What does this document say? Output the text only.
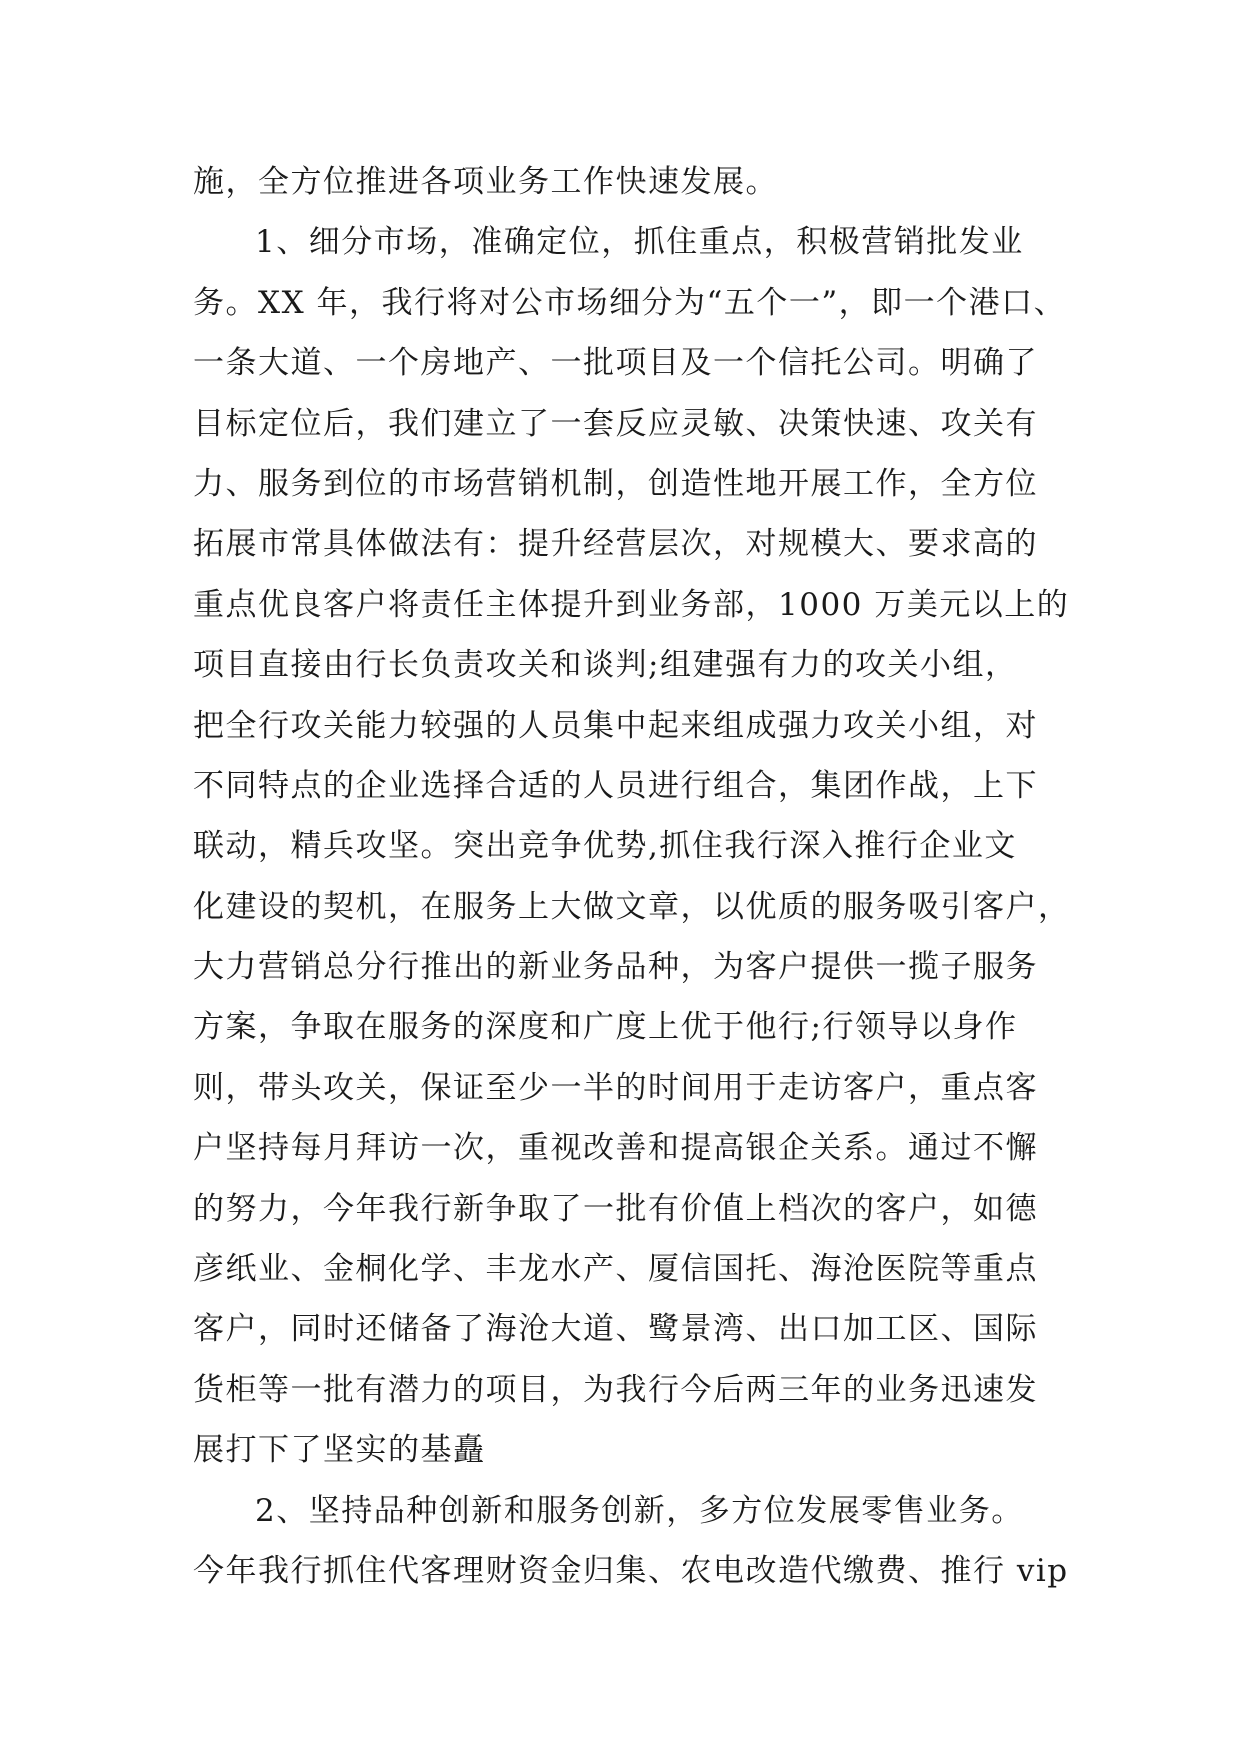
施，全方位推进各项业务工作快速发展。
1、细分市场，准确定位，抓住重点，积极营销批发业
务。XX 年，我行将对公市场细分为“五个一”，即一个港口、
一条大道、一个房地产、一批项目及一个信托公司。明确了
目标定位后，我们建立了一套反应灵敏、决策快速、攻关有
力、服务到位的市场营销机制，创造性地开展工作，全方位
拓展市常具体做法有：提升经营层次，对规模大、要求高的
重点优良客户将责任主体提升到业务部，1000 万美元以上的
项目直接由行长负责攻关和谈判;组建强有力的攻关小组，
把全行攻关能力较强的人员集中起来组成强力攻关小组，对
不同特点的企业选择合适的人员进行组合，集团作战，上下
联动，精兵攻坚。突出竞争优势,抓住我行深入推行企业文
化建设的契机，在服务上大做文章，以优质的服务吸引客户，
大力营销总分行推出的新业务品种，为客户提供一揽子服务
方案，争取在服务的深度和广度上优于他行;行领导以身作
则，带头攻关，保证至少一半的时间用于走访客户，重点客
户坚持每月拜访一次，重视改善和提高银企关系。通过不懈
的努力，今年我行新争取了一批有价值上档次的客户，如德
彦纸业、金桐化学、丰龙水产、厦信国托、海沧医院等重点
客户，同时还储备了海沧大道、鹭景湾、出口加工区、国际
货柜等一批有潜力的项目，为我行今后两三年的业务迅速发
展打下了坚实的基矗
2、坚持品种创新和服务创新，多方位发展零售业务。
今年我行抓住代客理财资金归集、农电改造代缴费、推行 vip
